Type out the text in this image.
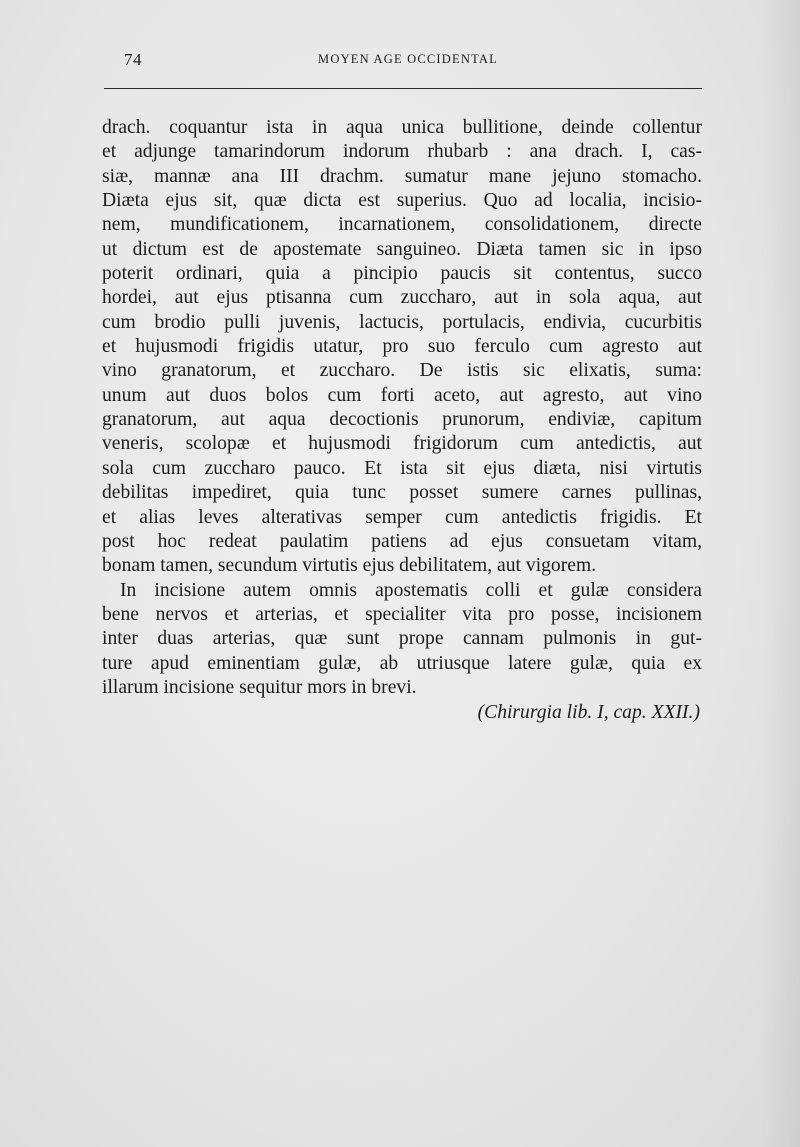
74	MOYEN AGE OCCIDENTAL
drach. coquantur ista in aqua unica bullitione, deinde collentur
et adjunge tamarindorum indorum rhubarb : ana drach. I, cas-
siæ, mannæ ana III drachm. sumatur mane jejuno stomacho.
Diæta ejus sit, quæ dicta est superius. Quo ad localia, incisio-
nem, mundificationem, incarnationem, consolidationem, directe
ut dictum est de apostemate sanguineo. Diæta tamen sic in ipso
poterit ordinari, quia a pincipio paucis sit contentus, succo
hordei, aut ejus ptisanna cum zuccharo, aut in sola aqua, aut
cum brodio pulli juvenis, lactucis, portulacis, endivia, cucurbitis
et hujusmodi frigidis utatur, pro suo ferculo cum agresto aut
vino granatorum, et zuccharo. De istis sic elixatis, suma:
unum aut duos bolos cum forti aceto, aut agresto, aut vino
granatorum, aut aqua decoctionis prunorum, endiviæ, capitum
veneris, scolopæ et hujusmodi frigidorum cum antedictis, aut
sola cum zuccharo pauco. Et ista sit ejus diæta, nisi virtutis
debilitas impediret, quia tunc posset sumere carnes pullinas,
et alias leves alterativas semper cum antedictis frigidis. Et
post hoc redeat paulatim patiens ad ejus consuetam vitam,
bonam tamen, secundum virtutis ejus debilitatem, aut vigorem.
In incisione autem omnis apostematis colli et gulæ considera
bene nervos et arterias, et specialiter vita pro posse, incisionem
inter duas arterias, quæ sunt prope cannam pulmonis in gut-
ture apud eminentiam gulæ, ab utriusque latere gulæ, quia ex
illarum incisione sequitur mors in brevi.
(Chirurgia lib. I, cap. XXII.)
